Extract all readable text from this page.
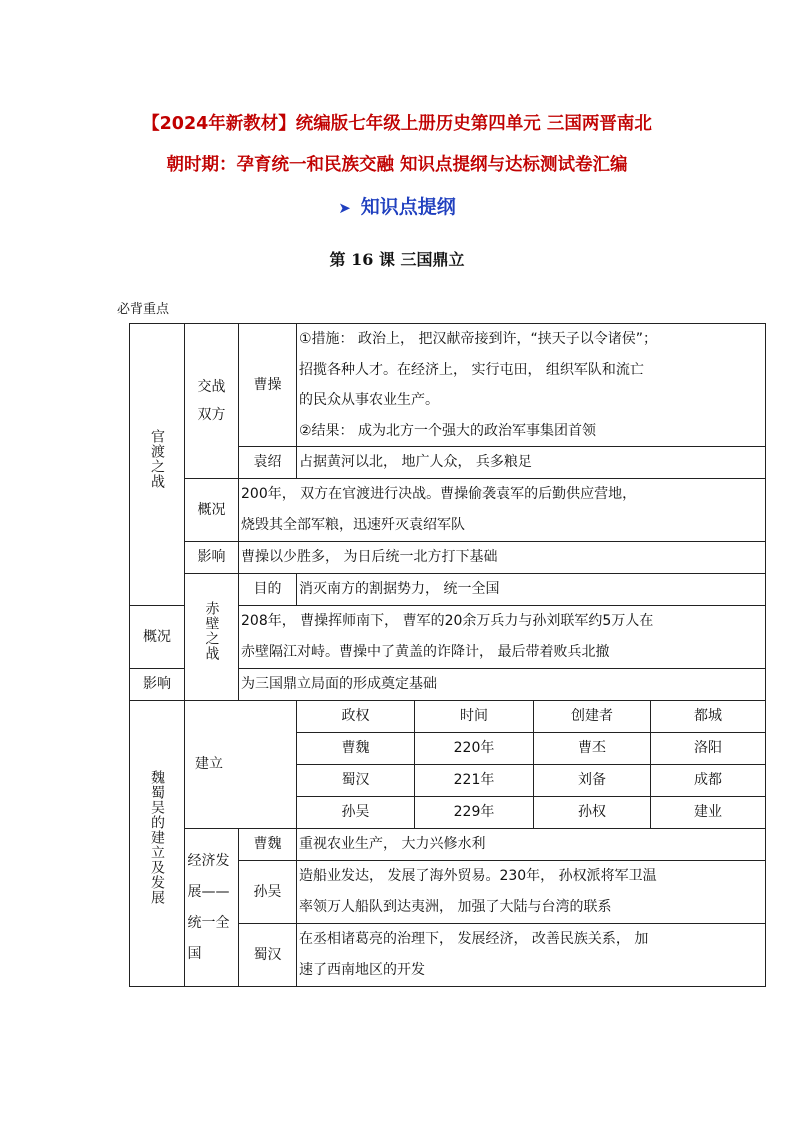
【2024年新教材】统编版七年级上册历史第四单元 三国两晋南北
朝时期：孕育统一和民族交融 知识点提纲与达标测试卷汇编
➤ 知识点提纲
第 16 课 三国鼎立
必背重点
官渡之战	交战双方	曹操	①措施： 政治上， 把汉献帝接到许，“挟天子以令诸侯”；
招揽各种人才。在经济上， 实行屯田， 组织军队和流亡
的民众从事农业生产。
②结果： 成为北方一个强大的政治军事集团首领			

		袁绍	占据黄河以北， 地广人众， 兵多粮足			
	概况	200年， 双方在官渡进行决战。曹操偷袭袁军的后勤供应营地，
烧毁其全部军粮，迅速歼灭袁绍军队				

	影响	曹操以少胜多， 为日后统一北方打下基础				
	赤壁之战	目的	消灭南方的割据势力， 统一全国			
概况		208年， 曹操挥师南下， 曹军的20余万兵力与孙刘联军约5万人在
赤壁隔江对峙。曹操中了黄盖的诈降计， 最后带着败兵北撤				

影响		为三国鼎立局面的形成奠定基础				
魏蜀吴的建立及发展	建立		政权	时间	创建者	都城
			曹魏	220年	曹丕	洛阳
			蜀汉	221年	刘备	成都
			孙吴	229年	孙权	建业
	经济发展——统一全国	曹魏	重视农业生产， 大力兴修水利			
		孙吴	造船业发达， 发展了海外贸易。230年， 孙权派将军卫温
率领万人船队到达夷洲， 加强了大陆与台湾的联系			

		蜀汉	在丞相诸葛亮的治理下， 发展经济， 改善民族关系， 加
速了西南地区的开发			
